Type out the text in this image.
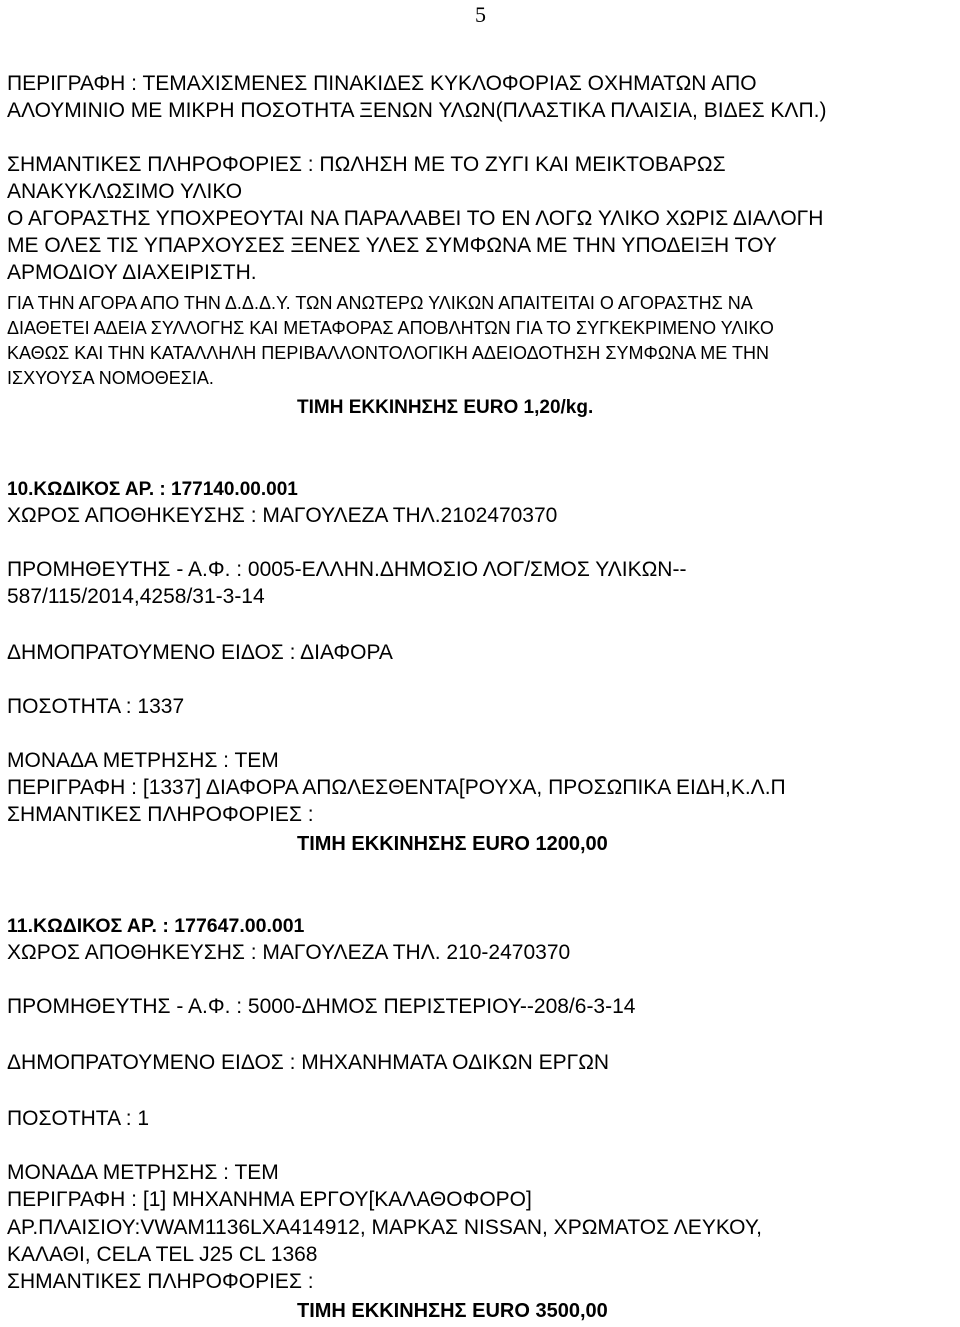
5
ΠΕΡΙΓΡΑΦΗ : ΤΕΜΑΧΙΣΜΕΝΕΣ ΠΙΝΑΚΙΔΕΣ ΚΥΚΛΟΦΟΡΙΑΣ ΟΧΗΜΑΤΩΝ ΑΠΟ
ΑΛΟΥΜΙΝΙΟ ΜΕ ΜΙΚΡΗ ΠΟΣΟΤΗΤΑ ΞΕΝΩΝ ΥΛΩΝ(ΠΛΑΣΤΙΚΑ ΠΛΑΙΣΙΑ, ΒΙΔΕΣ ΚΛΠ.)
ΣΗΜΑΝΤΙΚΕΣ ΠΛΗΡΟΦΟΡΙΕΣ : ΠΩΛΗΣΗ ΜΕ ΤΟ ΖΥΓΙ ΚΑΙ ΜΕΙΚΤΟΒΑΡΩΣ
ΑΝΑΚΥΚΛΩΣΙΜΟ ΥΛΙΚΟ
Ο ΑΓΟΡΑΣΤΗΣ ΥΠΟΧΡΕΟΥΤΑΙ ΝΑ ΠΑΡΑΛΑΒΕΙ ΤΟ ΕΝ ΛΟΓΩ ΥΛΙΚΟ ΧΩΡΙΣ ΔΙΑΛΟΓΗ
ΜΕ ΟΛΕΣ ΤΙΣ ΥΠΑΡΧΟΥΣΕΣ ΞΕΝΕΣ ΥΛΕΣ ΣΥΜΦΩΝΑ ΜΕ ΤΗΝ ΥΠΟΔΕΙΞΗ ΤΟΥ
ΑΡΜΟΔΙΟΥ ΔΙΑΧΕΙΡΙΣΤΗ.
ΓΙΑ ΤΗΝ ΑΓΟΡΑ ΑΠΟ ΤΗΝ Δ.Δ.Δ.Υ. ΤΩΝ ΑΝΩΤΕΡΩ ΥΛΙΚΩΝ ΑΠΑΙΤΕΙΤΑΙ Ο ΑΓΟΡΑΣΤΗΣ ΝΑ
ΔΙΑΘΕΤΕΙ ΑΔΕΙΑ ΣΥΛΛΟΓΗΣ ΚΑΙ ΜΕΤΑΦΟΡΑΣ ΑΠΟΒΛΗΤΩΝ ΓΙΑ ΤΟ ΣΥΓΚΕΚΡΙΜΕΝΟ ΥΛΙΚΟ
ΚΑΘΩΣ ΚΑΙ ΤΗΝ ΚΑΤΑΛΛΗΛΗ ΠΕΡΙΒΑΛΛΟΝΤΟΛΟΓΙΚΗ ΑΔΕΙΟΔΟΤΗΣΗ ΣΥΜΦΩΝΑ ΜΕ ΤΗΝ
ΙΣΧΥΟΥΣΑ ΝΟΜΟΘΕΣΙΑ.
ΤΙΜΗ ΕΚΚΙΝΗΣΗΣ EURO 1,20/kg.
10.ΚΩΔΙΚΟΣ ΑΡ. : 177140.00.001
ΧΩΡΟΣ ΑΠΟΘΗΚΕΥΣΗΣ : ΜΑΓΟΥΛΕΖΑ ΤΗΛ.2102470370
ΠΡΟΜΗΘΕΥΤΗΣ - Α.Φ. : 0005-ΕΛΛΗΝ.ΔΗΜΟΣΙΟ ΛΟΓ/ΣΜΟΣ ΥΛΙΚΩΝ--
587/115/2014,4258/31-3-14
ΔΗΜΟΠΡΑΤΟΥΜΕΝΟ ΕΙΔΟΣ : ΔΙΑΦΟΡΑ
ΠΟΣΟΤΗΤΑ : 1337
ΜΟΝΑΔΑ ΜΕΤΡΗΣΗΣ : ΤΕΜ
ΠΕΡΙΓΡΑΦΗ : [1337] ΔΙΑΦΟΡΑ ΑΠΩΛΕΣΘΕΝΤΑ[ΡΟΥΧΑ, ΠΡΟΣΩΠΙΚΑ ΕΙΔΗ,Κ.Λ.Π
ΣΗΜΑΝΤΙΚΕΣ ΠΛΗΡΟΦΟΡΙΕΣ :
ΤΙΜΗ ΕΚΚΙΝΗΣΗΣ EURO 1200,00
11.ΚΩΔΙΚΟΣ ΑΡ. : 177647.00.001
ΧΩΡΟΣ ΑΠΟΘΗΚΕΥΣΗΣ : ΜΑΓΟΥΛΕΖΑ ΤΗΛ. 210-2470370
ΠΡΟΜΗΘΕΥΤΗΣ - Α.Φ. : 5000-ΔΗΜΟΣ ΠΕΡΙΣΤΕΡΙΟΥ--208/6-3-14
ΔΗΜΟΠΡΑΤΟΥΜΕΝΟ ΕΙΔΟΣ : ΜΗΧΑΝΗΜΑΤΑ ΟΔΙΚΩΝ ΕΡΓΩΝ
ΠΟΣΟΤΗΤΑ : 1
ΜΟΝΑΔΑ ΜΕΤΡΗΣΗΣ : ΤΕΜ
ΠΕΡΙΓΡΑΦΗ : [1] ΜΗΧΑΝΗΜΑ ΕΡΓΟΥ[ΚΑΛΑΘΟΦΟΡΟ]
ΑΡ.ΠΛΑΙΣΙΟΥ:VWAM1136LXA414912, ΜΑΡΚΑΣ NISSAN, ΧΡΩΜΑΤΟΣ ΛΕΥΚΟΥ,
ΚΑΛΑΘΙ, CELA TEL J25 CL 1368
ΣΗΜΑΝΤΙΚΕΣ ΠΛΗΡΟΦΟΡΙΕΣ :
ΤΙΜΗ ΕΚΚΙΝΗΣΗΣ EURO 3500,00
